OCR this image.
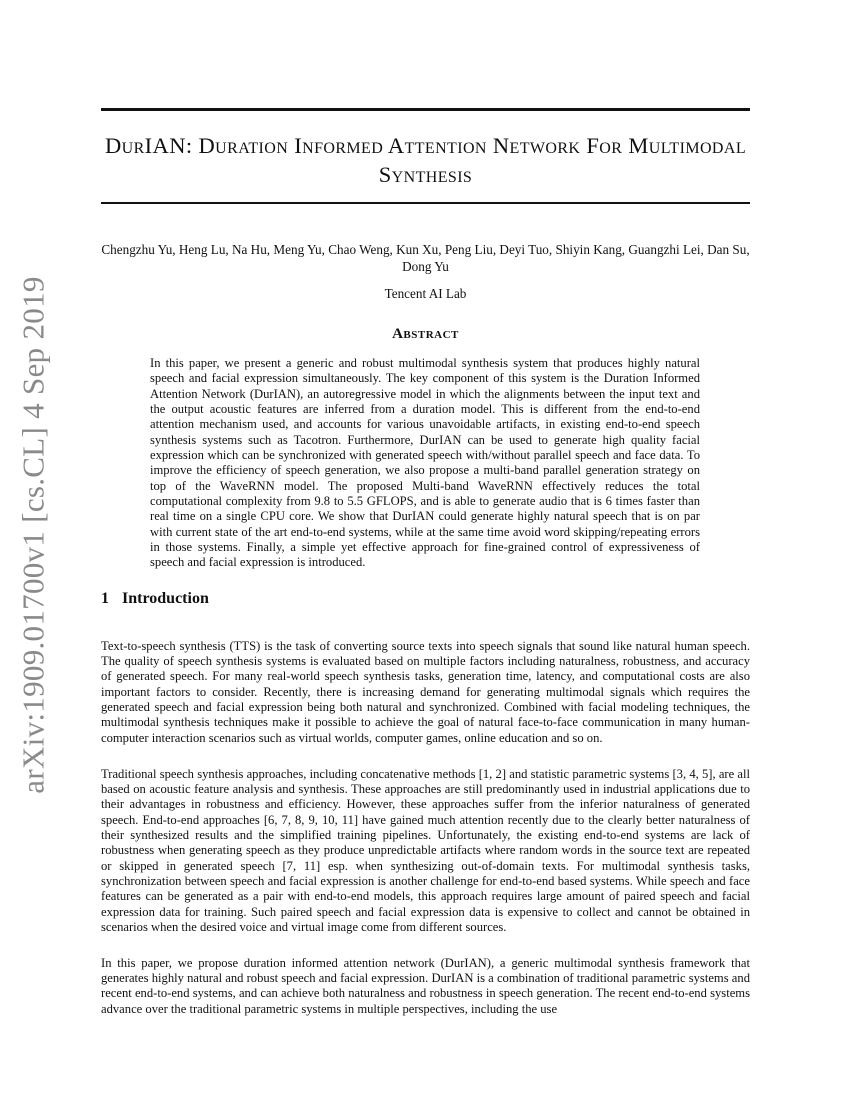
arXiv:1909.01700v1 [cs.CL] 4 Sep 2019
DurIAN: Duration Informed Attention Network For Multimodal Synthesis
Chengzhu Yu, Heng Lu, Na Hu, Meng Yu, Chao Weng, Kun Xu, Peng Liu, Deyi Tuo, Shiyin Kang, Guangzhi Lei, Dan Su, Dong Yu
Tencent AI Lab
Abstract
In this paper, we present a generic and robust multimodal synthesis system that produces highly natural speech and facial expression simultaneously. The key component of this system is the Duration Informed Attention Network (DurIAN), an autoregressive model in which the alignments between the input text and the output acoustic features are inferred from a duration model. This is different from the end-to-end attention mechanism used, and accounts for various unavoidable artifacts, in existing end-to-end speech synthesis systems such as Tacotron. Furthermore, DurIAN can be used to generate high quality facial expression which can be synchronized with generated speech with/without parallel speech and face data. To improve the efficiency of speech generation, we also propose a multi-band parallel generation strategy on top of the WaveRNN model. The proposed Multi-band WaveRNN effectively reduces the total computational complexity from 9.8 to 5.5 GFLOPS, and is able to generate audio that is 6 times faster than real time on a single CPU core. We show that DurIAN could generate highly natural speech that is on par with current state of the art end-to-end systems, while at the same time avoid word skipping/repeating errors in those systems. Finally, a simple yet effective approach for fine-grained control of expressiveness of speech and facial expression is introduced.
1 Introduction

Text-to-speech synthesis (TTS) is the task of converting source texts into speech signals that sound like natural human speech. The quality of speech synthesis systems is evaluated based on multiple factors including naturalness, robustness, and accuracy of generated speech. For many real-world speech synthesis tasks, generation time, latency, and computational costs are also important factors to consider. Recently, there is increasing demand for generating multimodal signals which requires the generated speech and facial expression being both natural and synchronized. Combined with facial modeling techniques, the multimodal synthesis techniques make it possible to achieve the goal of natural face-to-face communication in many human-computer interaction scenarios such as virtual worlds, computer games, online education and so on.

Traditional speech synthesis approaches, including concatenative methods [1, 2] and statistic parametric systems [3, 4, 5], are all based on acoustic feature analysis and synthesis. These approaches are still predominantly used in industrial applications due to their advantages in robustness and efficiency. However, these approaches suffer from the inferior naturalness of generated speech. End-to-end approaches [6, 7, 8, 9, 10, 11] have gained much attention recently due to the clearly better naturalness of their synthesized results and the simplified training pipelines. Unfortunately, the existing end-to-end systems are lack of robustness when generating speech as they produce unpredictable artifacts where random words in the source text are repeated or skipped in generated speech [7, 11] esp. when synthesizing out-of-domain texts. For multimodal synthesis tasks, synchronization between speech and facial expression is another challenge for end-to-end based systems. While speech and face features can be generated as a pair with end-to-end models, this approach requires large amount of paired speech and facial expression data for training. Such paired speech and facial expression data is expensive to collect and cannot be obtained in scenarios when the desired voice and virtual image come from different sources.

In this paper, we propose duration informed attention network (DurIAN), a generic multimodal synthesis framework that generates highly natural and robust speech and facial expression. DurIAN is a combination of traditional parametric systems and recent end-to-end systems, and can achieve both naturalness and robustness in speech generation. The recent end-to-end systems advance over the traditional parametric systems in multiple perspectives, including the use
